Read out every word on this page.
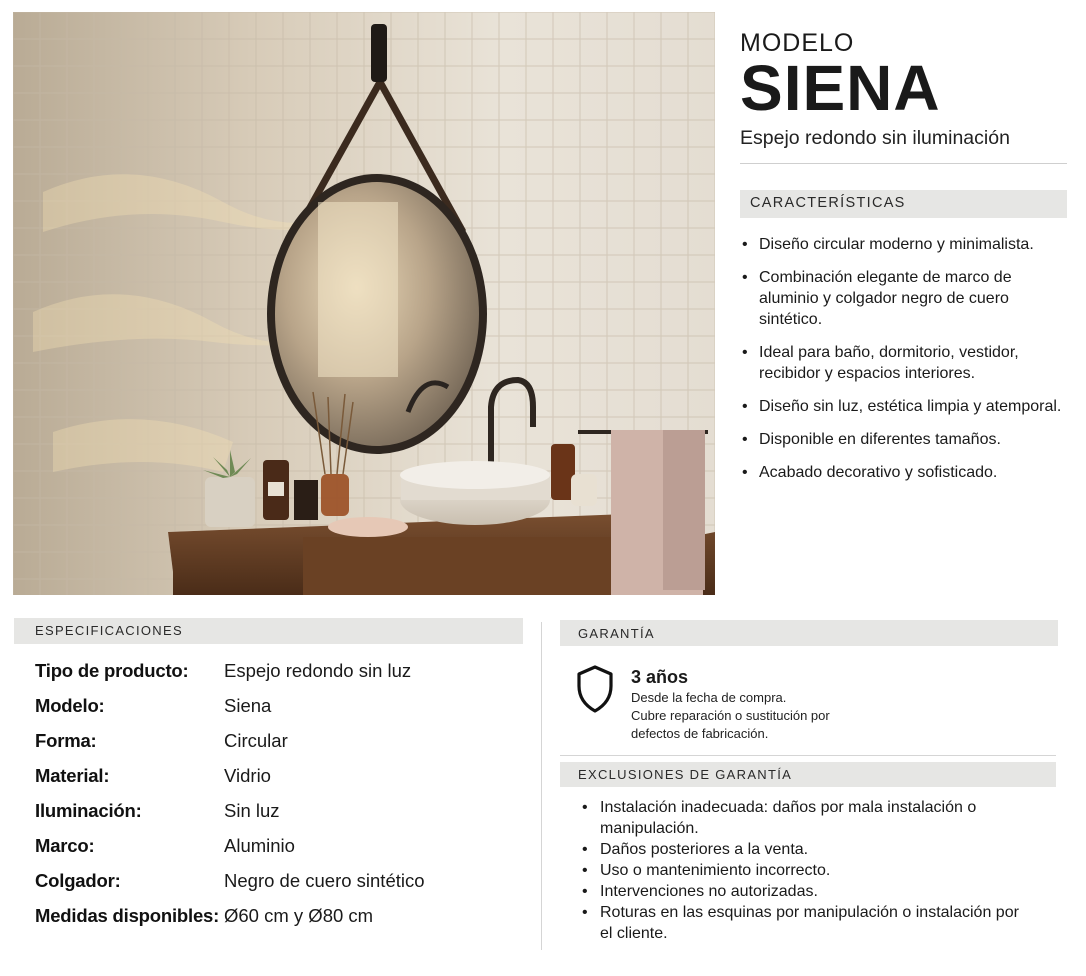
MODELO
SIENA
Espejo redondo sin iluminación
CARACTERÍSTICAS
• Diseño circular moderno y minimalista.
• Combinación elegante de marco de aluminio y colgador negro de cuero sintético.
• Ideal para baño, dormitorio, vestidor, recibidor y espacios interiores.
• Diseño sin luz, estética limpia y atemporal.
• Disponible en diferentes tamaños.
• Acabado decorativo y sofisticado.
ESPECIFICACIONES
Tipo de producto: Espejo redondo sin luz
Modelo:	Siena
Forma:	Circular
Material:	Vidrio
Iluminación:	Sin luz
Marco:	Aluminio
Colgador:	Negro de cuero sintético
Medidas disponibles: Ø60 cm y Ø80 cm
GARANTÍA
3 años
Desde la fecha de compra.
Cubre reparación o sustitución por
defectos de fabricación.
EXCLUSIONES DE GARANTÍA
• Instalación inadecuada: daños por mala instalación o manipulación.
• Daños posteriores a la venta.
• Uso o mantenimiento incorrecto.
• Intervenciones no autorizadas.
• Roturas en las esquinas por manipulación o instalación por el cliente.
